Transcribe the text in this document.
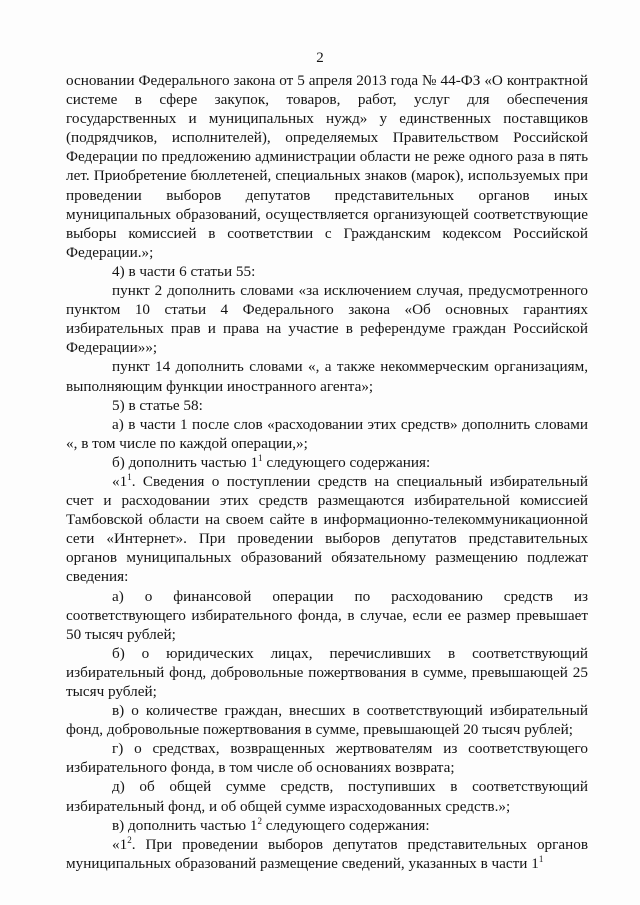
2

основании Федерального закона от 5 апреля 2013 года № 44-ФЗ «О контрактной системе в сфере закупок, товаров, работ, услуг для обеспечения государственных и муниципальных нужд» у единственных поставщиков (подрядчиков, исполнителей), определяемых Правительством Российской Федерации по предложению администрации области не реже одного раза в пять лет. Приобретение бюллетеней, специальных знаков (марок), используемых при проведении выборов депутатов представительных органов иных муниципальных образований, осуществляется организующей соответствующие выборы комиссией в соответствии с Гражданским кодексом Российской Федерации.»;

4) в части 6 статьи 55:

пункт 2 дополнить словами «за исключением случая, предусмотренного пунктом 10 статьи 4 Федерального закона «Об основных гарантиях избирательных прав и права на участие в референдуме граждан Российской Федерации»»;

пункт 14 дополнить словами «, а также некоммерческим организациям, выполняющим функции иностранного агента»;

5) в статье 58:

а) в части 1 после слов «расходовании этих средств» дополнить словами «, в том числе по каждой операции,»;

б) дополнить частью $1^1$ следующего содержания:

«$1^1$. Сведения о поступлении средств на специальный избирательный счет и расходовании этих средств размещаются избирательной комиссией Тамбовской области на своем сайте в информационно-телекоммуникационной сети «Интернет». При проведении выборов депутатов представительных органов муниципальных образований обязательному размещению подлежат сведения:

а) о финансовой операции по расходованию средств из соответствующего избирательного фонда, в случае, если ее размер превышает 50 тысяч рублей;

б) о юридических лицах, перечисливших в соответствующий избирательный фонд, добровольные пожертвования в сумме, превышающей 25 тысяч рублей;

в) о количестве граждан, внесших в соответствующий избирательный фонд, добровольные пожертвования в сумме, превышающей 20 тысяч рублей;

г) о средствах, возвращенных жертвователям из соответствующего избирательного фонда, в том числе об основаниях возврата;

д) об общей сумме средств, поступивших в соответствующий избирательный фонд, и об общей сумме израсходованных средств.»;

в) дополнить частью $1^2$ следующего содержания:

«$1^2$. При проведении выборов депутатов представительных органов муниципальных образований размещение сведений, указанных в части $1^1$
